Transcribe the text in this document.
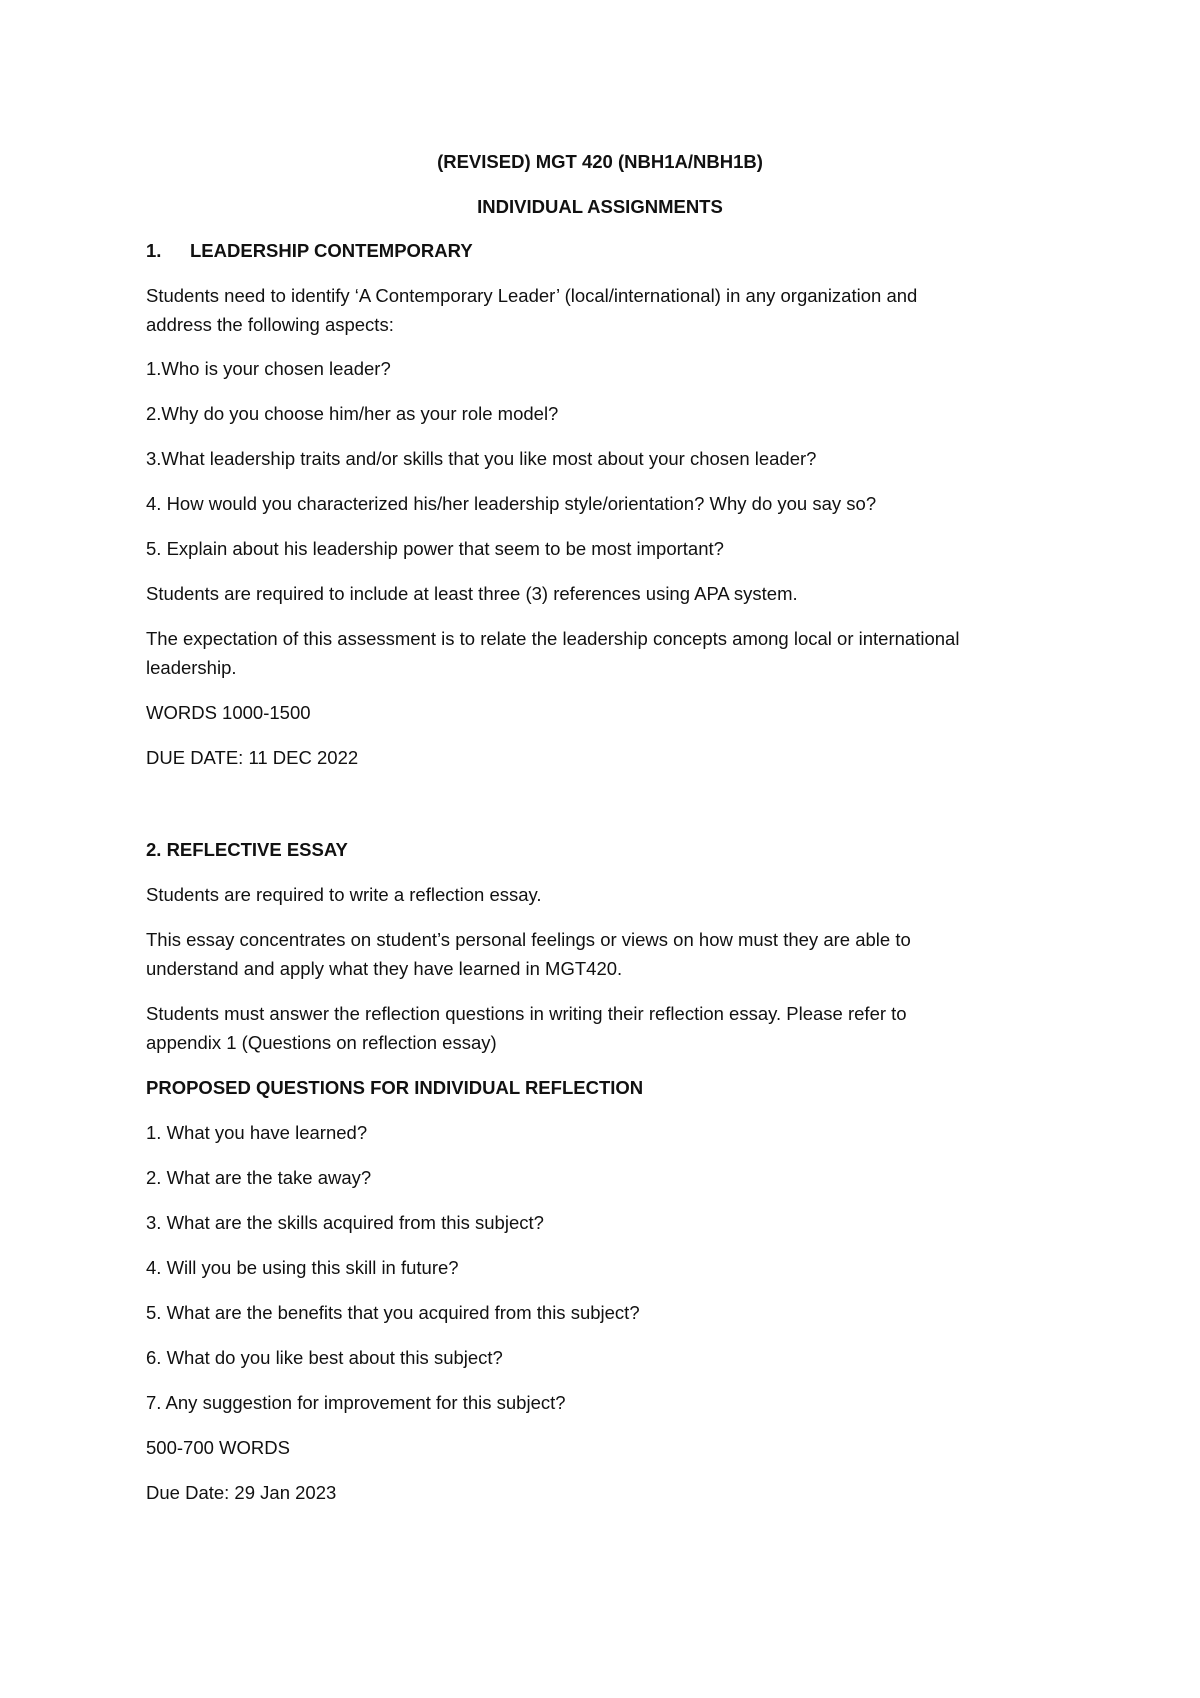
(REVISED) MGT 420 (NBH1A/NBH1B)
INDIVIDUAL ASSIGNMENTS
1. LEADERSHIP CONTEMPORARY
Students need to identify ‘A Contemporary Leader’ (local/international) in any organization and
address the following aspects:
1.Who is your chosen leader?
2.Why do you choose him/her as your role model?
3.What leadership traits and/or skills that you like most about your chosen leader?
4. How would you characterized his/her leadership style/orientation? Why do you say so?
5. Explain about his leadership power that seem to be most important?
Students are required to include at least three (3) references using APA system.
The expectation of this assessment is to relate the leadership concepts among local or international
leadership.
WORDS 1000-1500
DUE DATE: 11 DEC 2022
2. REFLECTIVE ESSAY
Students are required to write a reflection essay.
This essay concentrates on student’s personal feelings or views on how must they are able to
understand and apply what they have learned in MGT420.
Students must answer the reflection questions in writing their reflection essay. Please refer to
appendix 1 (Questions on reflection essay)
PROPOSED QUESTIONS FOR INDIVIDUAL REFLECTION
1. What you have learned?
2. What are the take away?
3. What are the skills acquired from this subject?
4. Will you be using this skill in future?
5. What are the benefits that you acquired from this subject?
6. What do you like best about this subject?
7. Any suggestion for improvement for this subject?
500-700 WORDS
Due Date: 29 Jan 2023
